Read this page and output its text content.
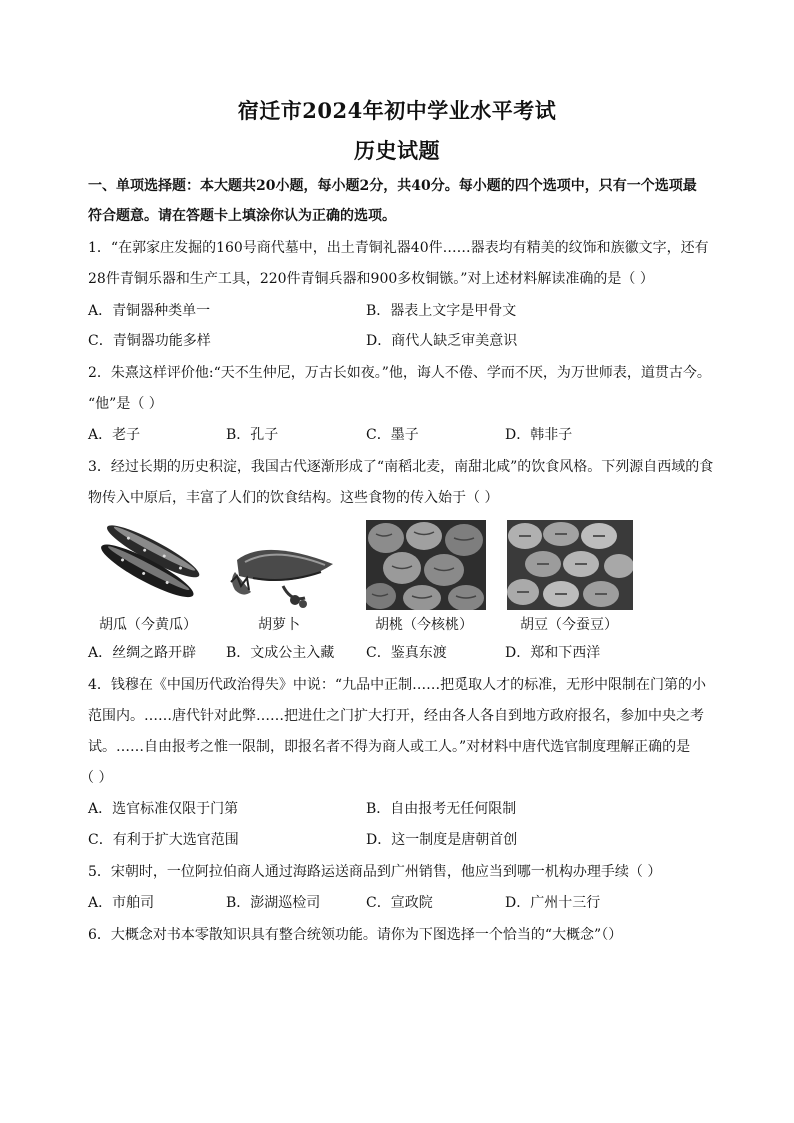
宿迁市2024年初中学业水平考试
历史试题
一、单项选择题：本大题共20小题，每小题2分，共40分。每小题的四个选项中，只有一个选项最
符合题意。请在答题卡上填涂你认为正确的选项。
1．“在郭家庄发掘的160号商代墓中，出土青铜礼器40件……器表均有精美的纹饰和族徽文字，还有
28件青铜乐器和生产工具，220件青铜兵器和900多枚铜镞。”对上述材料解读准确的是（ ）
A．青铜器种类单一	B．器表上文字是甲骨文
C．青铜器功能多样	D．商代人缺乏审美意识
2．朱熹这样评价他:“天不生仲尼，万古长如夜。”他，诲人不倦、学而不厌，为万世师表，道贯古今。
“他”是（ ）
A．老子	B．孔子	C．墨子	D．韩非子
3．经过长期的历史积淀，我国古代逐渐形成了“南稻北麦，南甜北咸”的饮食风格。下列源自西域的食
物传入中原后，丰富了人们的饮食结构。这些食物的传入始于（ ）
胡瓜（今黄瓜）	胡萝卜	胡桃（今核桃）	胡豆（今蚕豆）
A．丝绸之路开辟 B．文成公主入藏 C．鉴真东渡	D．郑和下西洋
4．钱穆在《中国历代政治得失》中说：“九品中正制……把觅取人才的标准，无形中限制在门第的小
范围内。……唐代针对此弊……把进仕之门扩大打开，经由各人各自到地方政府报名，参加中央之考
试。……自由报考之惟一限制，即报名者不得为商人或工人。”对材料中唐代选官制度理解正确的是
（ ）
A．选官标准仅限于门第	B．自由报考无任何限制
C．有利于扩大选官范围	D．这一制度是唐朝首创
5．宋朝时，一位阿拉伯商人通过海路运送商品到广州销售，他应当到哪一机构办理手续（ ）
A．市舶司	B．澎湖巡检司	C．宣政院	D．广州十三行
6．大概念对书本零散知识具有整合统领功能。请你为下图选择一个恰当的“大概念”（）
